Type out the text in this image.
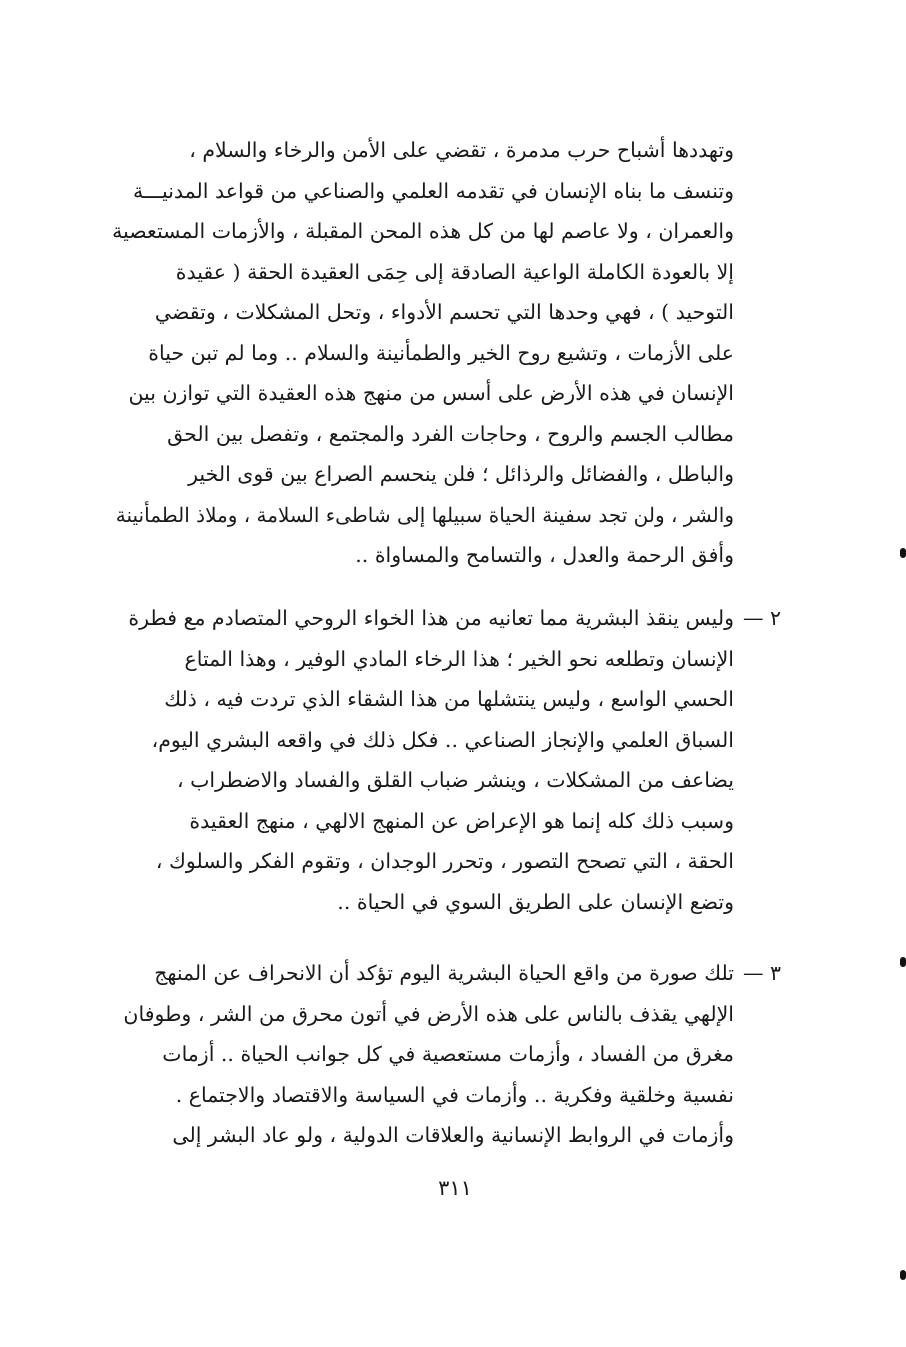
وتهددها أشباح حرب مدمرة ، تقضي على الأمن والرخاء والسلام ،
وتنسف ما بناه الإنسان في تقدمه العلمي والصناعي من قواعد المدنيـــة
والعمران ، ولا عاصم لها من كل هذه المحن المقبلة ، والأزمات المستعصية
إلا بالعودة الكاملة الواعية الصادقة إلى حِمَى العقيدة الحقة ( عقيدة
التوحيد ) ، فهي وحدها التي تحسم الأدواء ، وتحل المشكلات ، وتقضي
على الأزمات ، وتشيع روح الخير والطمأنينة والسلام .. وما لم تبن حياة
الإنسان في هذه الأرض على أسس من منهج هذه العقيدة التي توازن بين
مطالب الجسم والروح ، وحاجات الفرد والمجتمع ، وتفصل بين الحق
والباطل ، والفضائل والرذائل ؛ فلن ينحسم الصراع بين قوى الخير
والشر ، ولن تجد سفينة الحياة سبيلها إلى شاطىء السلامة ، وملاذ الطمأنينة
وأفق الرحمة والعدل ، والتسامح والمساواة ..
٢ —
وليس ينقذ البشرية مما تعانيه من هذا الخواء الروحي المتصادم مع فطرة
الإنسان وتطلعه نحو الخير ؛ هذا الرخاء المادي الوفير ، وهذا المتاع
الحسي الواسع ، وليس ينتشلها من هذا الشقاء الذي تردت فيه ، ذلك
السباق العلمي والإنجاز الصناعي .. فكل ذلك في واقعه البشري اليوم،
يضاعف من المشكلات ، وينشر ضباب القلق والفساد والاضطراب ،
وسبب ذلك كله إنما هو الإعراض عن المنهج الالهي ، منهج العقيدة
الحقة ، التي تصحح التصور ، وتحرر الوجدان ، وتقوم الفكر والسلوك ،
وتضع الإنسان على الطريق السوي في الحياة ..
٣ —
تلك صورة من واقع الحياة البشرية اليوم تؤكد أن الانحراف عن المنهج
الإلهي يقذف بالناس على هذه الأرض في أتون محرق من الشر ، وطوفان
مغرق من الفساد ، وأزمات مستعصية في كل جوانب الحياة .. أزمات
نفسية وخلقية وفكرية .. وأزمات في السياسة والاقتصاد والاجتماع .
وأزمات في الروابط الإنسانية والعلاقات الدولية ، ولو عاد البشر إلى
٣١١
